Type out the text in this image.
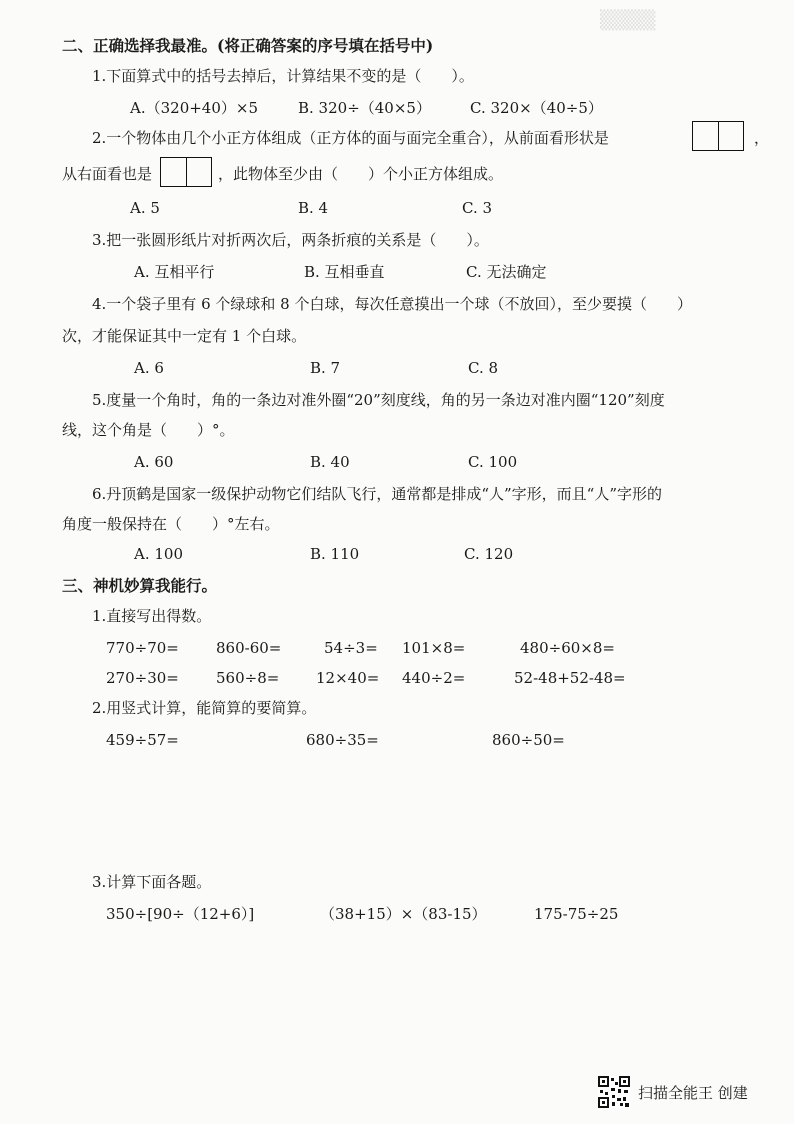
▒▒▒▒
二、正确选择我最准。(将正确答案的序号填在括号中)
1.下面算式中的括号去掉后，计算结果不变的是（　　）。
A.（320+40）×5	B. 320÷（40×5）	C. 320×（40÷5）
2.一个物体由几个小正方体组成（正方体的面与面完全重合），从前面看形状是	，
从右面看也是	，此物体至少由（　　）个小正方体组成。
A. 5	B. 4	C. 3
3.把一张圆形纸片对折两次后，两条折痕的关系是（　　）。
A. 互相平行	B. 互相垂直	C. 无法确定
4.一个袋子里有 6 个绿球和 8 个白球，每次任意摸出一个球（不放回），至少要摸（　　）
次，才能保证其中一定有 1 个白球。
A. 6	B. 7	C. 8
5.度量一个角时，角的一条边对准外圈“20”刻度线，角的另一条边对准内圈“120”刻度
线，这个角是（　　）°。
A. 60	B. 40	C. 100
6.丹顶鹤是国家一级保护动物它们结队飞行，通常都是排成“人”字形，而且“人”字形的
角度一般保持在（　　）°左右。
A. 100	B. 110	C. 120
三、神机妙算我能行。
1.直接写出得数。
770÷70= 860-60=	54÷3= 101×8=	480÷60×8=
270÷30= 560÷8= 12×40= 440÷2=	52-48+52-48=
2.用竖式计算，能简算的要简算。
459÷57=	680÷35=	860÷50=
3.计算下面各题。
350÷[90÷（12+6）]	（38+15）×（83-15）	175-75÷25
扫描全能王 创建
